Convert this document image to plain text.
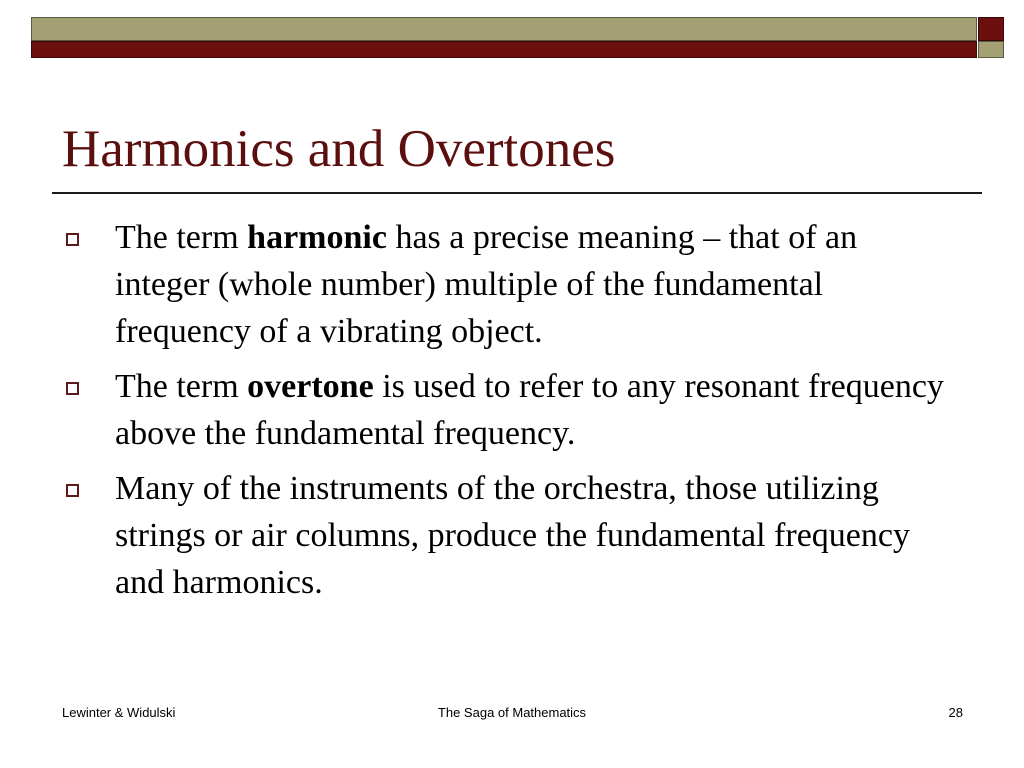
Harmonics and Overtones
The term harmonic has a precise meaning – that of an integer (whole number) multiple of the fundamental frequency of a vibrating object.
The term overtone is used to refer to any resonant frequency above the fundamental frequency.
Many of the instruments of the orchestra, those utilizing strings or air columns, produce the fundamental frequency and harmonics.
Lewinter & Widulski	The Saga of Mathematics	28
